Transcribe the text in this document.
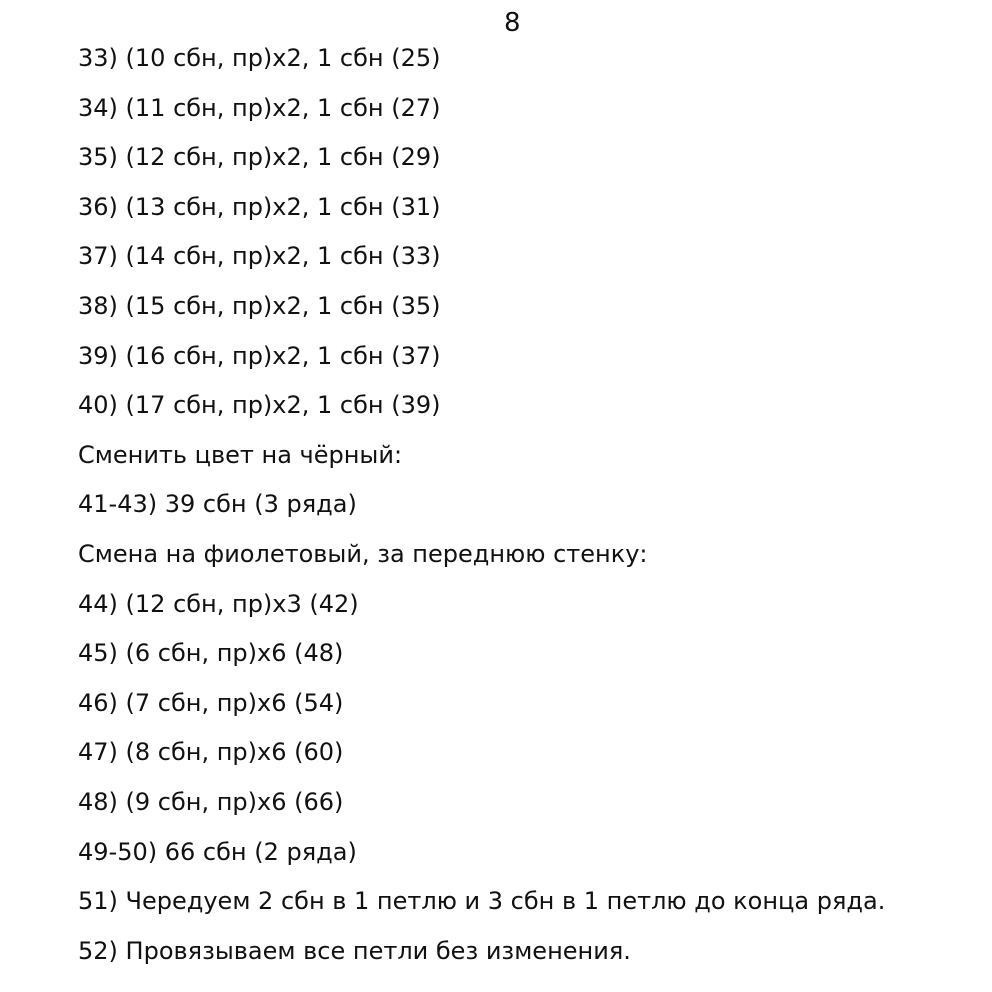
8
33) (10 сбн, пр)х2, 1 сбн (25)
34) (11 сбн, пр)х2, 1 сбн (27)
35) (12 сбн, пр)х2, 1 сбн (29)
36) (13 сбн, пр)х2, 1 сбн (31)
37) (14 сбн, пр)х2, 1 сбн (33)
38) (15 сбн, пр)х2, 1 сбн (35)
39) (16 сбн, пр)х2, 1 сбн (37)
40) (17 сбн, пр)х2, 1 сбн (39)
Сменить цвет на чёрный:
41-43) 39 сбн (3 ряда)
Смена на фиолетовый, за переднюю стенку:
44) (12 сбн, пр)х3 (42)
45) (6 сбн, пр)х6 (48)
46) (7 сбн, пр)х6 (54)
47) (8 сбн, пр)х6 (60)
48) (9 сбн, пр)х6 (66)
49-50) 66 сбн (2 ряда)
51) Чередуем 2 сбн в 1 петлю и 3 сбн в 1 петлю до конца ряда.
52) Провязываем все петли без изменения.
